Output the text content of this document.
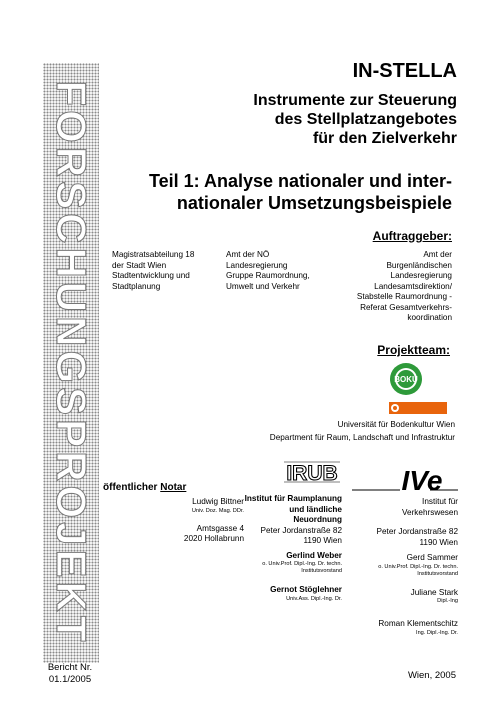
FORSCHUNGSPROJEKT
IN-STELLA
Instrumente zur Steuerung
des Stellplatzangebotes
für den Zielverkehr
Teil 1: Analyse nationaler und inter-
nationaler Umsetzungsbeispiele
Auftraggeber:
Magistratsabteilung 18
der Stadt Wien
Stadtentwicklung und
Stadtplanung
Amt der NÖ
Landesregierung
Gruppe Raumordnung,
Umwelt und Verkehr
Amt der
Burgenländischen
Landesregierung
Landesamtsdirektion/
Stabstelle Raumordnung -
Referat Gesamtverkehrs-
koordination
Projektteam:
BOKU
Universität für Bodenkultur Wien
Department für Raum, Landschaft und Infrastruktur
öffentlicher Notar
Ludwig Bittner
Univ. Doz. Mag. DDr.
Amtsgasse 4
2020 Hollabrunn
IRUB
Institut für Raumplanung
und ländliche
Neuordnung
Peter Jordanstraße 82
1190 Wien
Gerlind Weber
o. Univ.Prof. Dipl.-Ing. Dr. techn.
Institutsvorstand
Gernot Stöglehner
Univ.Ass. Dipl.-Ing. Dr.
IVe
Institut für
Verkehrswesen
Peter Jordanstraße 82
1190 Wien
Gerd Sammer
o. Univ.Prof. Dipl.-Ing. Dr. techn.
Institutsvorstand
Juliane Stark
Dipl.-Ing
Roman Klementschitz
Ing. Dipl.-Ing. Dr.
Bericht Nr.
01.1/2005	Wien, 2005
